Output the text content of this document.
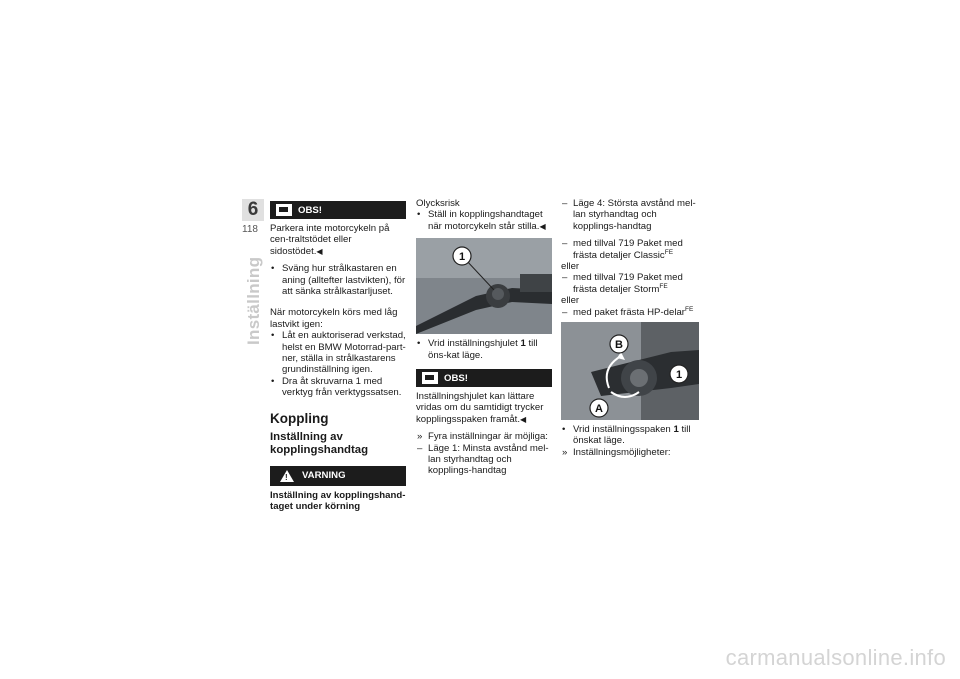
6
118
Inställning
OBS!
Parkera inte motorcykeln på cen-traltstödet eller sidostödet.◀
• Sväng hur strålkastaren en aning (alltefter lastvikten), för att sänka strålkastarljuset.
När motorcykeln körs med låg lastvikt igen:
• Låt en auktoriserad verkstad, helst en BMW Motorrad-part-ner, ställa in strålkastarens grundinställning igen.
• Dra åt skruvarna 1 med verktyg från verktygssatsen.
Koppling
Inställning av kopplingshandtag
! VARNING
Inställning av kopplingshand-taget under körning
Olycksrisk
• Ställ in kopplingshandtaget när motorcykeln står stilla.◀
1
• Vrid inställningshjulet 1 till öns-kat läge.
OBS!
Inställningshjulet kan lättare vridas om du samtidigt trycker kopplingsspaken framåt.◀
» Fyra inställningar är möjliga:
– Läge 1: Minsta avstånd mel-lan styrhandtag och kopplings-handtag
– Läge 4: Största avstånd mel-lan styrhandtag och kopplings-handtag
– med tillval 719 Paket med frästa detaljer Classic$^{FE}$
eller
– med tillval 719 Paket med frästa detaljer Storm$^{FE}$
eller
– med paket frästa HP-delar$^{FE}$
B
1
A
• Vrid inställningsspaken 1 till önskat läge.
» Inställningsmöjligheter:
carmanualsonline.info
